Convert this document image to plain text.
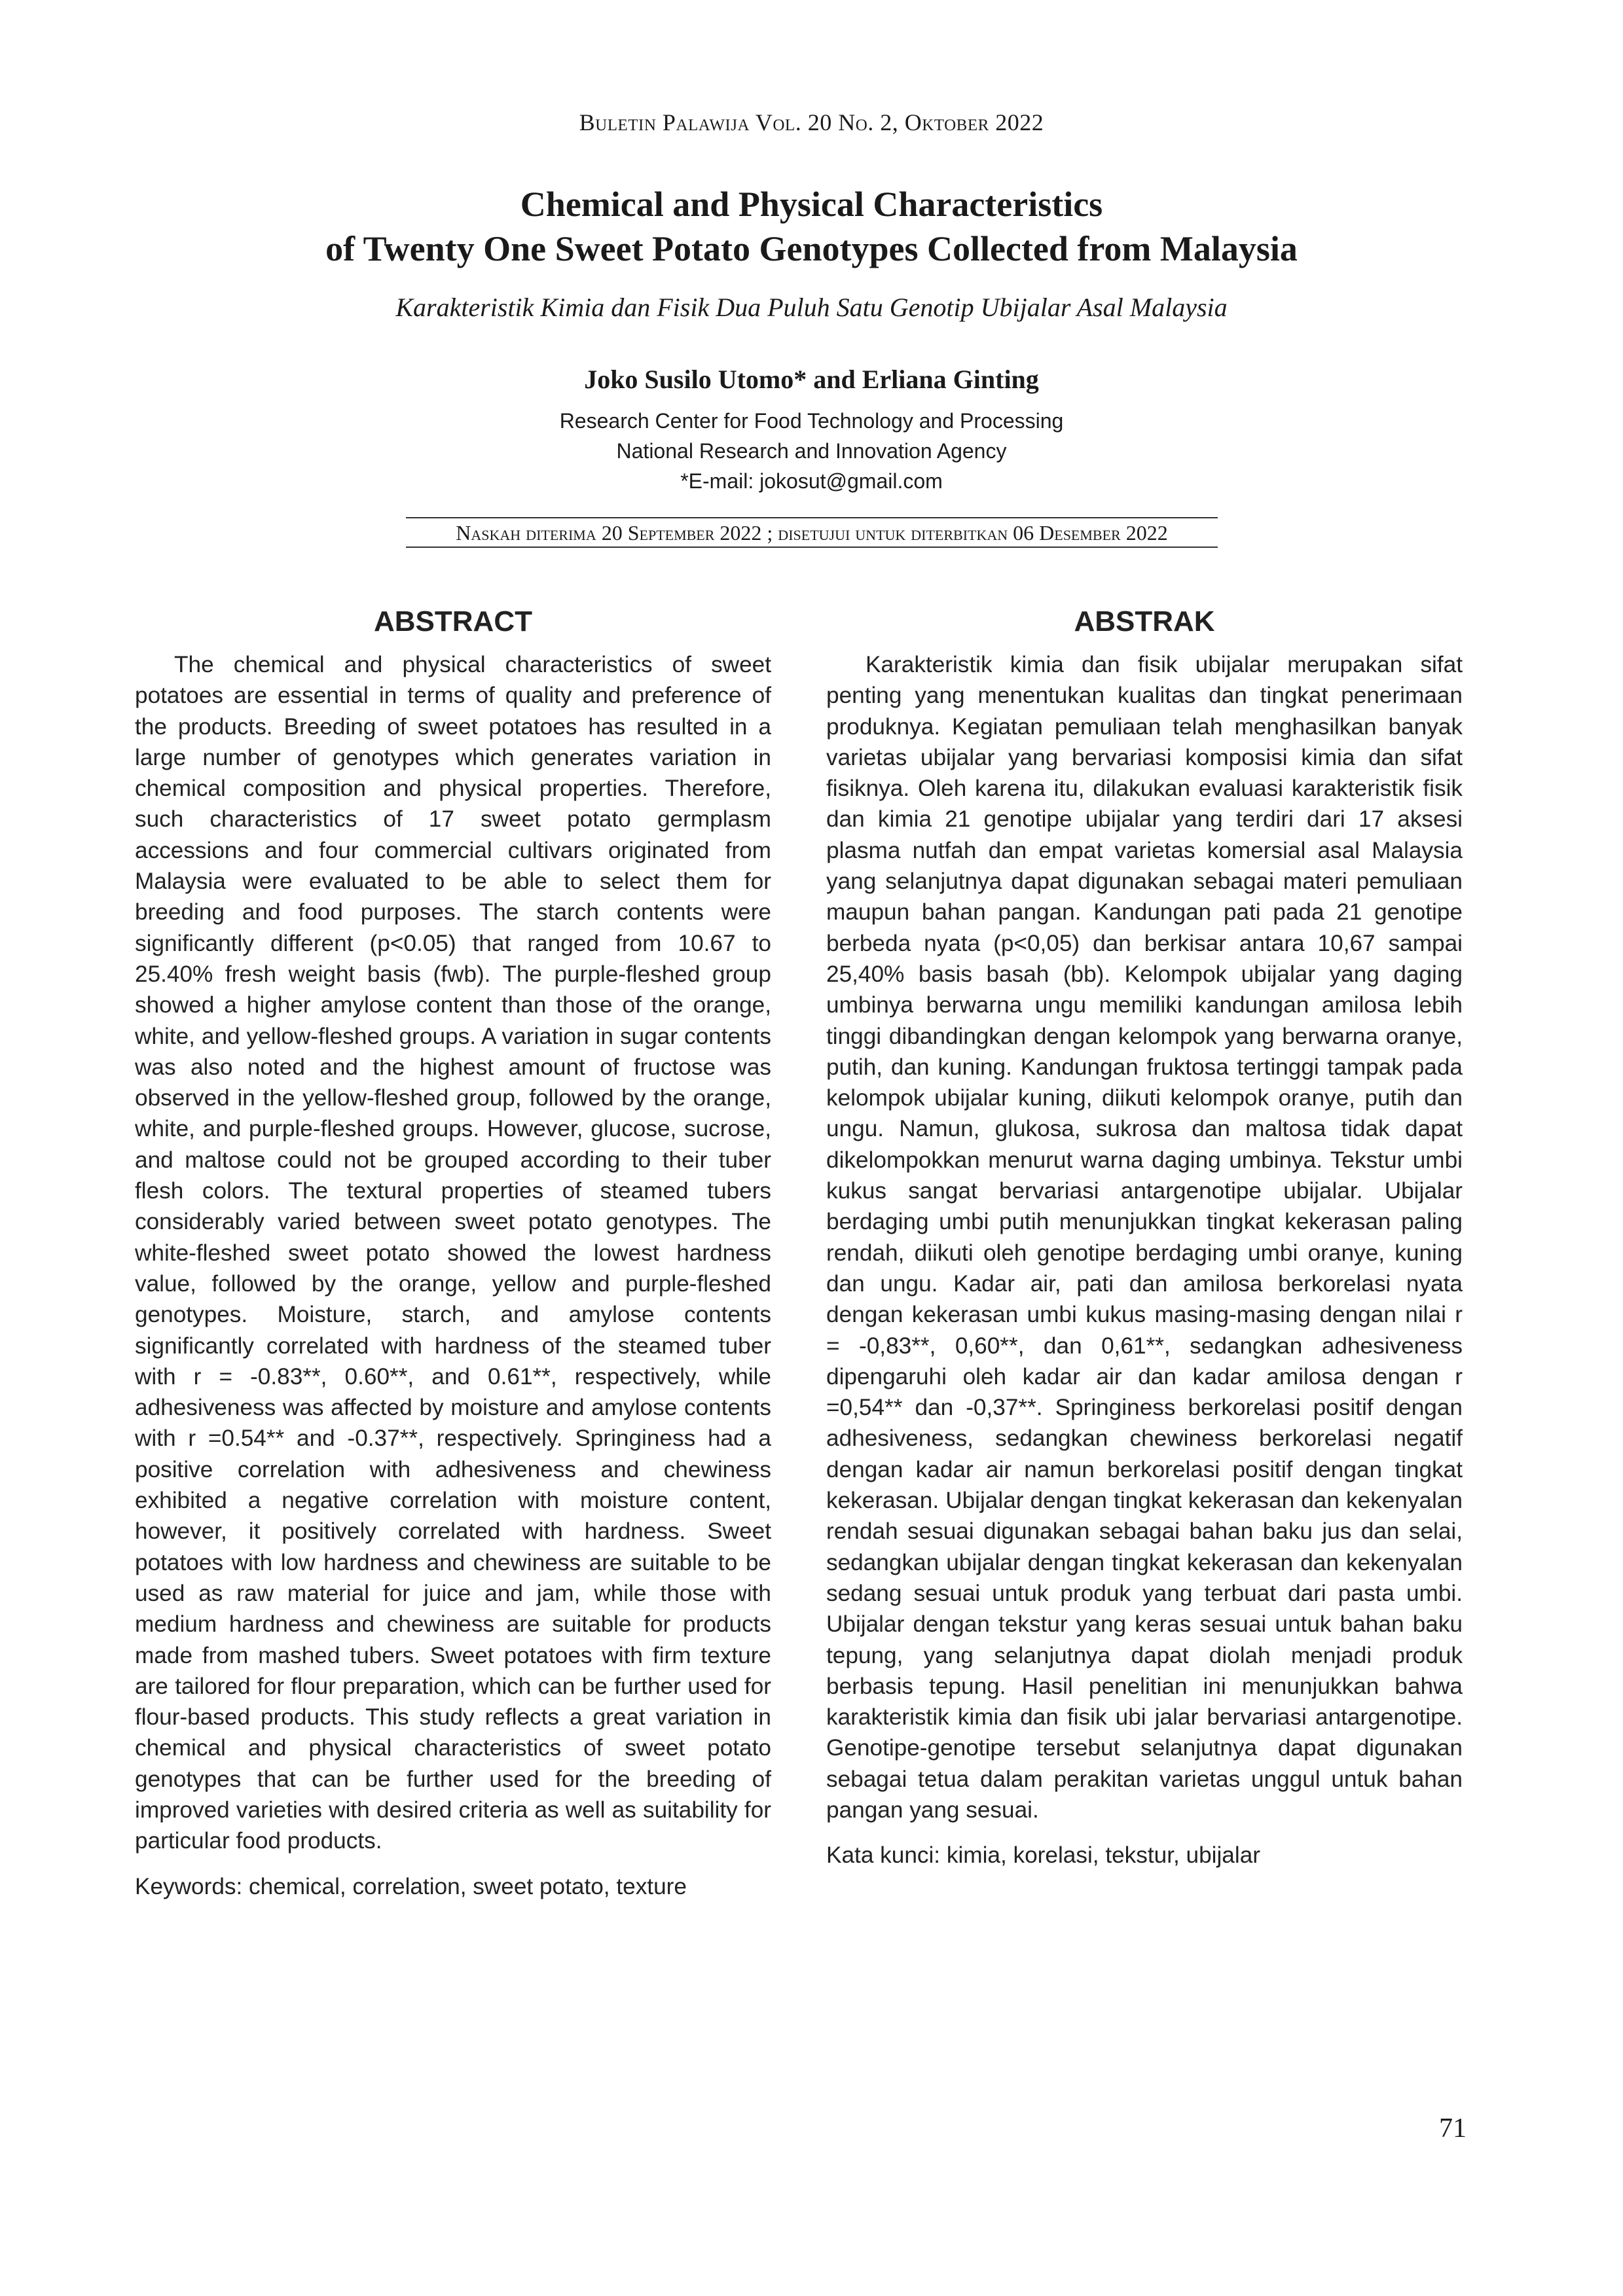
Buletin Palawija Vol. 20 No. 2, Oktober 2022
Chemical and Physical Characteristics
of Twenty One Sweet Potato Genotypes Collected from Malaysia
Karakteristik Kimia dan Fisik Dua Puluh Satu Genotip Ubijalar Asal Malaysia
Joko Susilo Utomo* and Erliana Ginting
Research Center for Food Technology and Processing
National Research and Innovation Agency
*E-mail: jokosut@gmail.com
Naskah diterima 20 September 2022 ; disetujui untuk diterbitkan 06 Desember 2022
ABSTRACT

The chemical and physical characteristics of sweet potatoes are essential in terms of quality and preference of the products. Breeding of sweet potatoes has resulted in a large number of genotypes which generates variation in chemical composition and physical properties. Therefore, such characteristics of 17 sweet potato germplasm accessions and four commercial cultivars originated from Malaysia were evaluated to be able to select them for breeding and food purposes. The starch contents were significantly different (p<0.05) that ranged from 10.67 to 25.40% fresh weight basis (fwb). The purple-fleshed group showed a higher amylose content than those of the orange, white, and yellow-fleshed groups. A variation in sugar contents was also noted and the highest amount of fructose was observed in the yellow-fleshed group, followed by the orange, white, and purple-fleshed groups. However, glucose, sucrose, and maltose could not be grouped according to their tuber flesh colors. The textural properties of steamed tubers considerably varied between sweet potato genotypes. The white-fleshed sweet potato showed the lowest hardness value, followed by the orange, yellow and purple-fleshed genotypes. Moisture, starch, and amylose contents significantly correlated with hardness of the steamed tuber with r = -0.83**, 0.60**, and 0.61**, respectively, while adhesiveness was affected by moisture and amylose contents with r =0.54** and -0.37**, respectively. Springiness had a positive correlation with adhesiveness and chewiness exhibited a negative correlation with moisture content, however, it positively correlated with hardness. Sweet potatoes with low hardness and chewiness are suitable to be used as raw material for juice and jam, while those with medium hardness and chewiness are suitable for products made from mashed tubers. Sweet potatoes with firm texture are tailored for flour preparation, which can be further used for flour-based products. This study reflects a great variation in chemical and physical characteristics of sweet potato genotypes that can be further used for the breeding of improved varieties with desired criteria as well as suitability for particular food products.

Keywords: chemical, correlation, sweet potato, texture

ABSTRAK

Karakteristik kimia dan fisik ubijalar merupakan sifat penting yang menentukan kualitas dan tingkat penerimaan produknya. Kegiatan pemuliaan telah menghasilkan banyak varietas ubijalar yang bervariasi komposisi kimia dan sifat fisiknya. Oleh karena itu, dilakukan evaluasi karakteristik fisik dan kimia 21 genotipe ubijalar yang terdiri dari 17 aksesi plasma nutfah dan empat varietas komersial asal Malaysia yang selanjutnya dapat digunakan sebagai materi pemuliaan maupun bahan pangan. Kandungan pati pada 21 genotipe berbeda nyata (p<0,05) dan berkisar antara 10,67 sampai 25,40% basis basah (bb). Kelompok ubijalar yang daging umbinya berwarna ungu memiliki kandungan amilosa lebih tinggi dibandingkan dengan kelompok yang berwarna oranye, putih, dan kuning. Kandungan fruktosa tertinggi tampak pada kelompok ubijalar kuning, diikuti kelompok oranye, putih dan ungu. Namun, glukosa, sukrosa dan maltosa tidak dapat dikelompokkan menurut warna daging umbinya. Tekstur umbi kukus sangat bervariasi antargenotipe ubijalar. Ubijalar berdaging umbi putih menunjukkan tingkat kekerasan paling rendah, diikuti oleh genotipe berdaging umbi oranye, kuning dan ungu. Kadar air, pati dan amilosa berkorelasi nyata dengan kekerasan umbi kukus masing-masing dengan nilai r = -0,83**, 0,60**, dan 0,61**, sedangkan adhesiveness dipengaruhi oleh kadar air dan kadar amilosa dengan r =0,54** dan -0,37**. Springiness berkorelasi positif dengan adhesiveness, sedangkan chewiness berkorelasi negatif dengan kadar air namun berkorelasi positif dengan tingkat kekerasan. Ubijalar dengan tingkat kekerasan dan kekenyalan rendah sesuai digunakan sebagai bahan baku jus dan selai, sedangkan ubijalar dengan tingkat kekerasan dan kekenyalan sedang sesuai untuk produk yang terbuat dari pasta umbi. Ubijalar dengan tekstur yang keras sesuai untuk bahan baku tepung, yang selanjutnya dapat diolah menjadi produk berbasis tepung. Hasil penelitian ini menunjukkan bahwa karakteristik kimia dan fisik ubi jalar bervariasi antargenotipe. Genotipe-genotipe tersebut selanjutnya dapat digunakan sebagai tetua dalam perakitan varietas unggul untuk bahan pangan yang sesuai.

Kata kunci: kimia, korelasi, tekstur, ubijalar

71
